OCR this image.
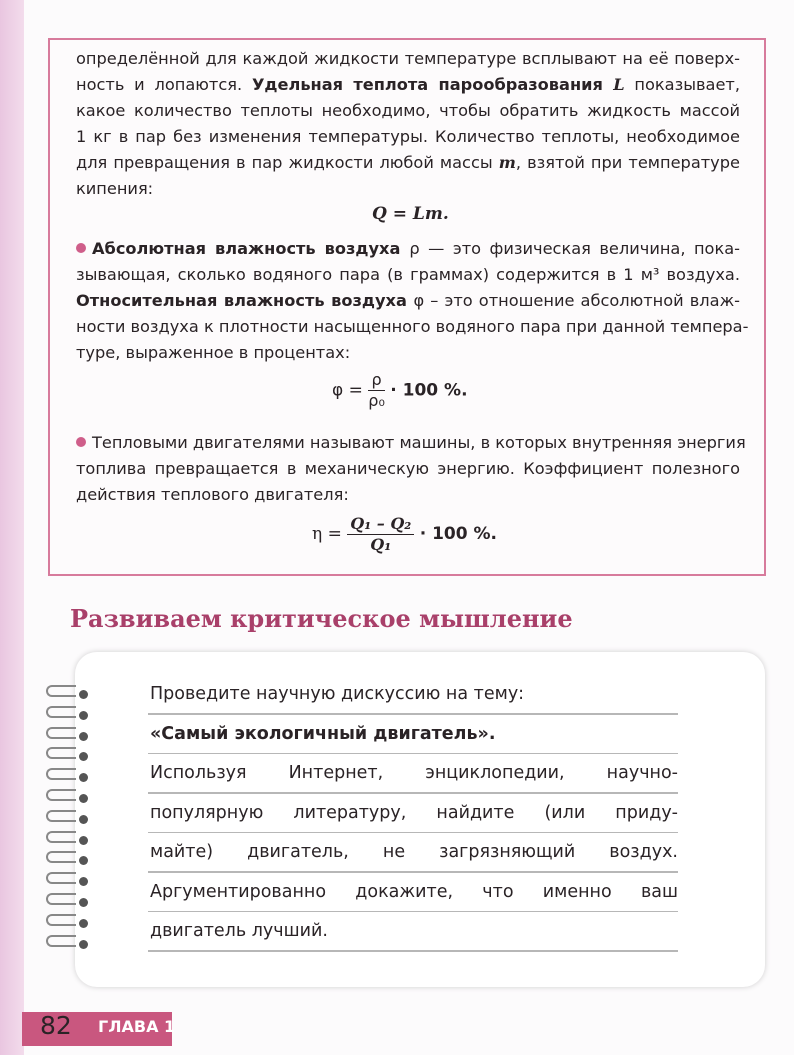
Q = Lm.
$\varphi = \frac{\rho}{\text{ρ₀}} \cdot 100$ %.
$\eta = \frac{\text{Q₁ – Q₂}}{\text{Q₁}} \cdot 100$ %.
определённой для каждой жидкости температуре всплывают на её поверх-
ность и лопаются. Удельная теплота парообразования L показывает,
какое количество теплоты необходимо, чтобы обратить жидкость массой
1 кг в пар без изменения температуры. Количество теплоты, необходимое
для превращения в пар жидкости любой массы m, взятой при температуре
кипения:
Абсолютная влажность воздуха ρ — это физическая величина, пока-
зывающая, сколько водяного пара (в граммах) содержится в 1 м³ воздуха.
Относительная влажность воздуха φ – это отношение абсолютной влаж-
ности воздуха к плотности насыщенного водяного пара при данной темпера-
туре, выраженное в процентах:
Тепловыми двигателями называют машины, в которых внутренняя энергия
топлива превращается в механическую энергию. Коэффициент полезного
действия теплового двигателя:
Развиваем критическое мышление
Проведите научную дискуссию на тему:
«Самый экологичный двигатель».
Используя Интернет, энциклопедии, научно-
популярную литературу, найдите (или приду-
майте) двигатель, не загрязняющий воздух.
Аргументированно докажите, что именно ваш
двигатель лучший.
82 ГЛАВА 1
